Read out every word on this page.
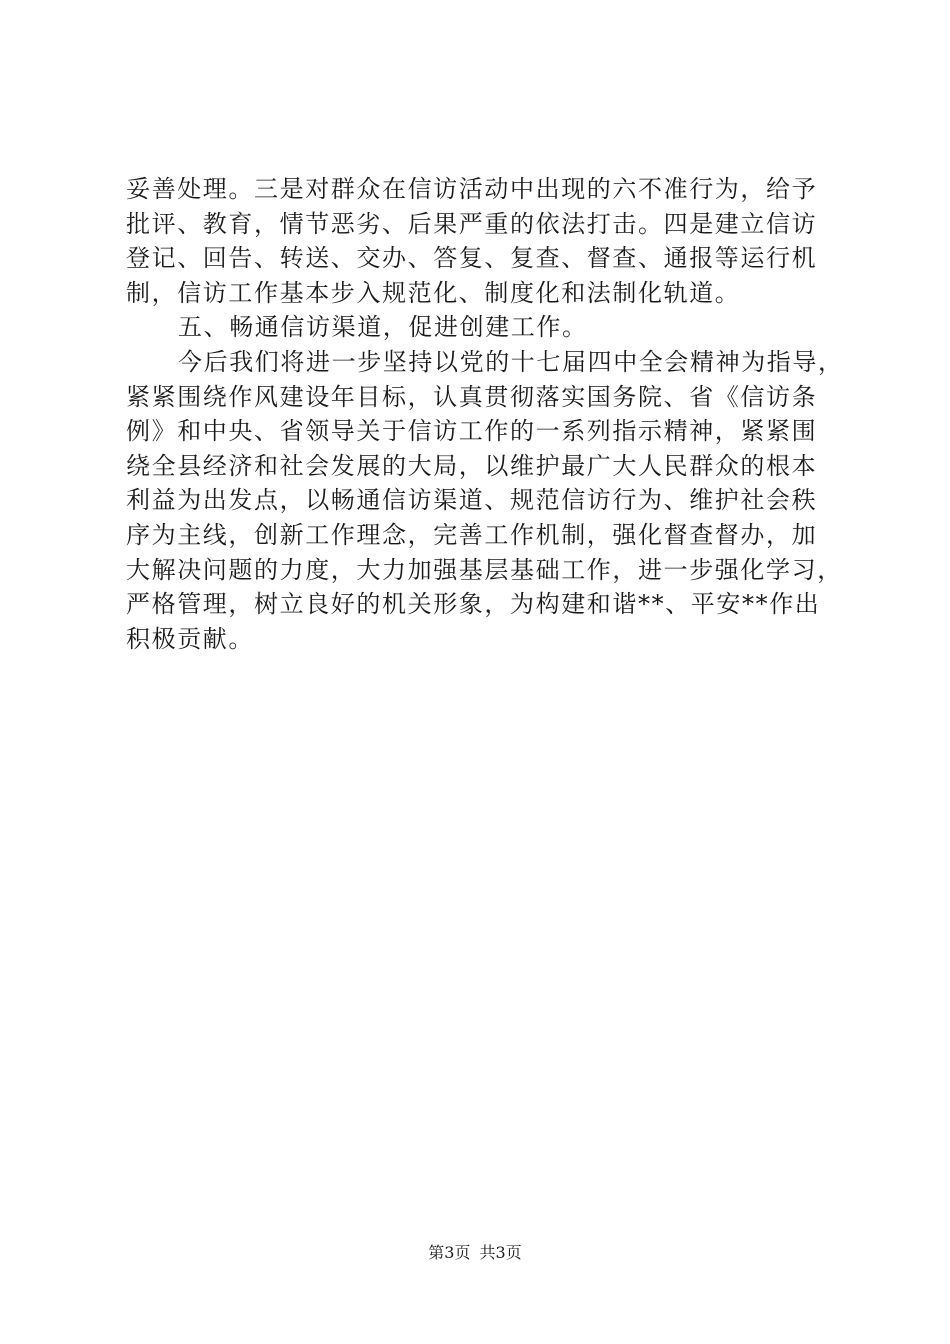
妥善处理。三是对群众在信访活动中出现的六不准行为，给予
批评、教育，情节恶劣、后果严重的依法打击。四是建立信访
登记、回告、转送、交办、答复、复查、督查、通报等运行机
制，信访工作基本步入规范化、制度化和法制化轨道。
五、畅通信访渠道，促进创建工作。
今后我们将进一步坚持以党的十七届四中全会精神为指导，
紧紧围绕作风建设年目标，认真贯彻落实国务院、省《信访条
例》和中央、省领导关于信访工作的一系列指示精神，紧紧围
绕全县经济和社会发展的大局，以维护最广大人民群众的根本
利益为出发点，以畅通信访渠道、规范信访行为、维护社会秩
序为主线，创新工作理念，完善工作机制，强化督查督办，加
大解决问题的力度，大力加强基层基础工作，进一步强化学习，
严格管理，树立良好的机关形象，为构建和谐**、平安**作出
积极贡献。
第3页 共3页
